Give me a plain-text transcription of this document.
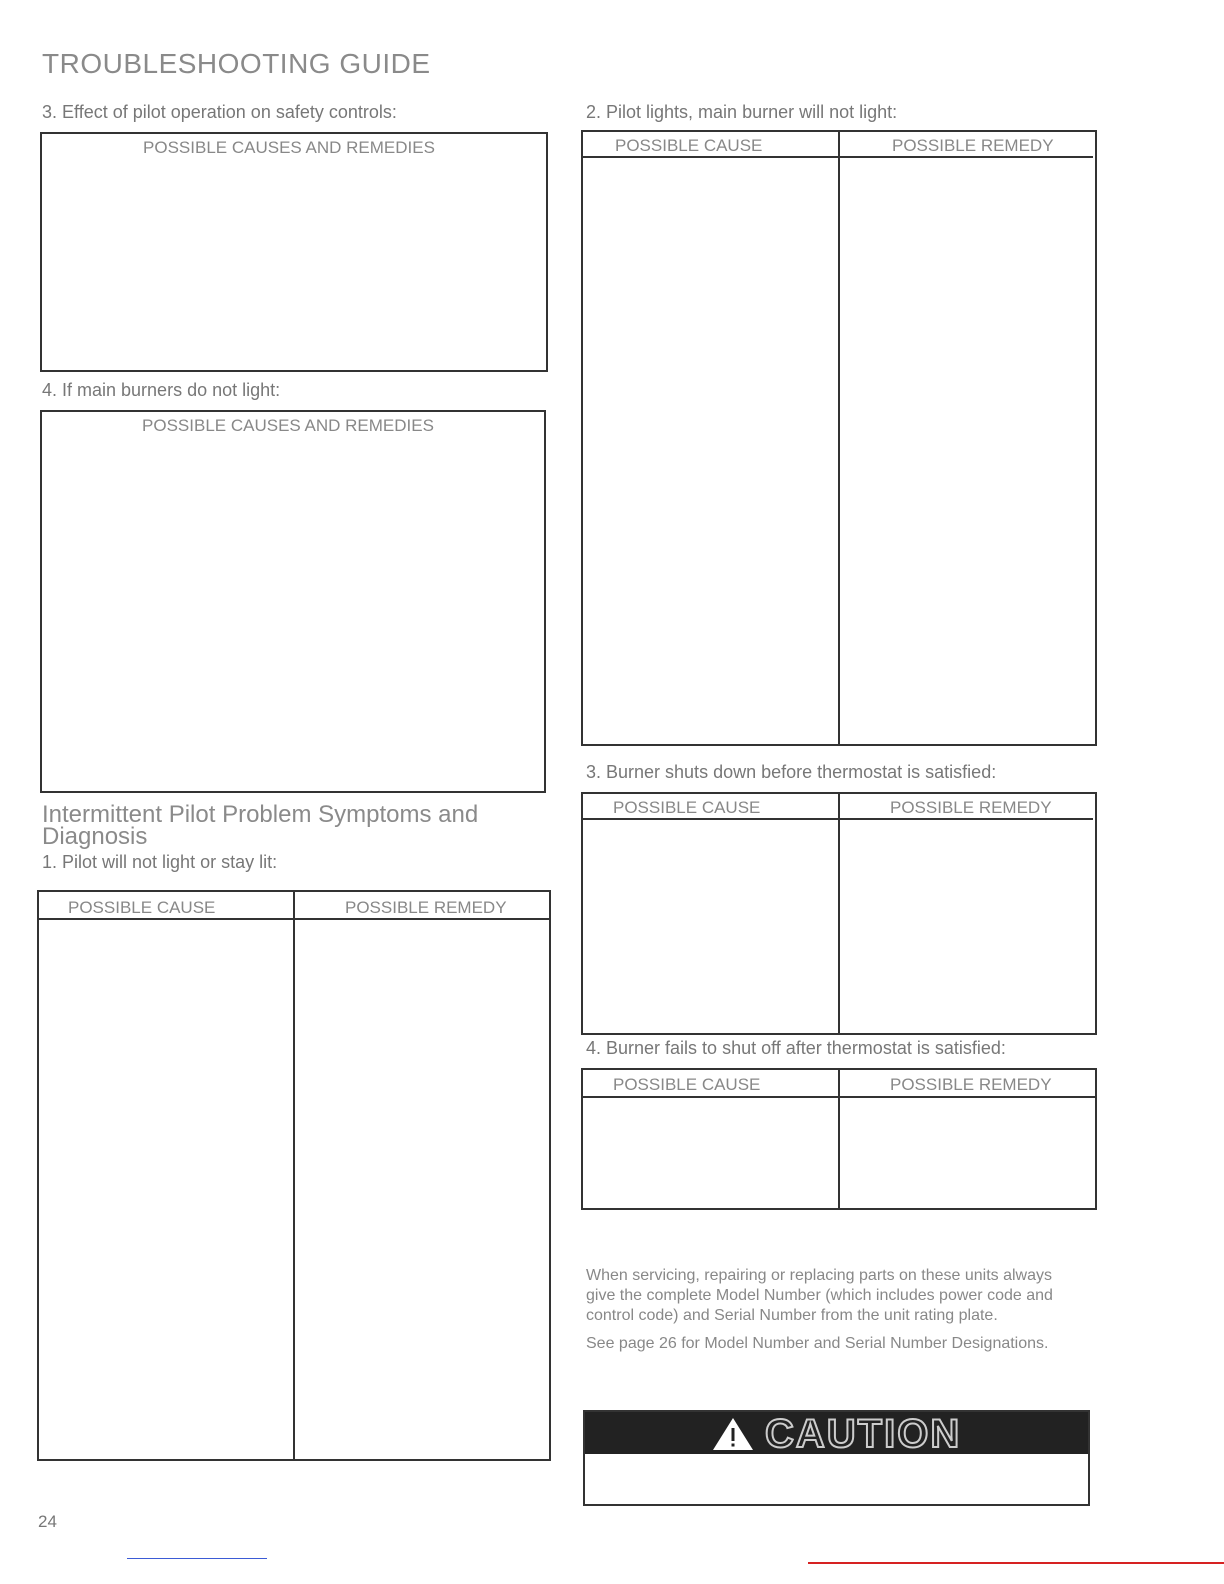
TROUBLESHOOTING GUIDE
3. Effect of pilot operation on safety controls:
POSSIBLE CAUSES AND REMEDIES
4. If main burners do not light:
POSSIBLE CAUSES AND REMEDIES
Intermittent Pilot Problem Symptoms and
Diagnosis
1. Pilot will not light or stay lit:
POSSIBLE CAUSE	POSSIBLE REMEDY
2. Pilot lights, main burner will not light:
POSSIBLE CAUSE	POSSIBLE REMEDY
3. Burner shuts down before thermostat is satisfied:
POSSIBLE CAUSE	POSSIBLE REMEDY
4. Burner fails to shut off after thermostat is satisfied:
POSSIBLE CAUSE	POSSIBLE REMEDY
When servicing, repairing or replacing parts on these units always
give the complete Model Number (which includes power code and
control code) and Serial Number from the unit rating plate.
See page 26 for Model Number and Serial Number Designations.
CAUTION
24
